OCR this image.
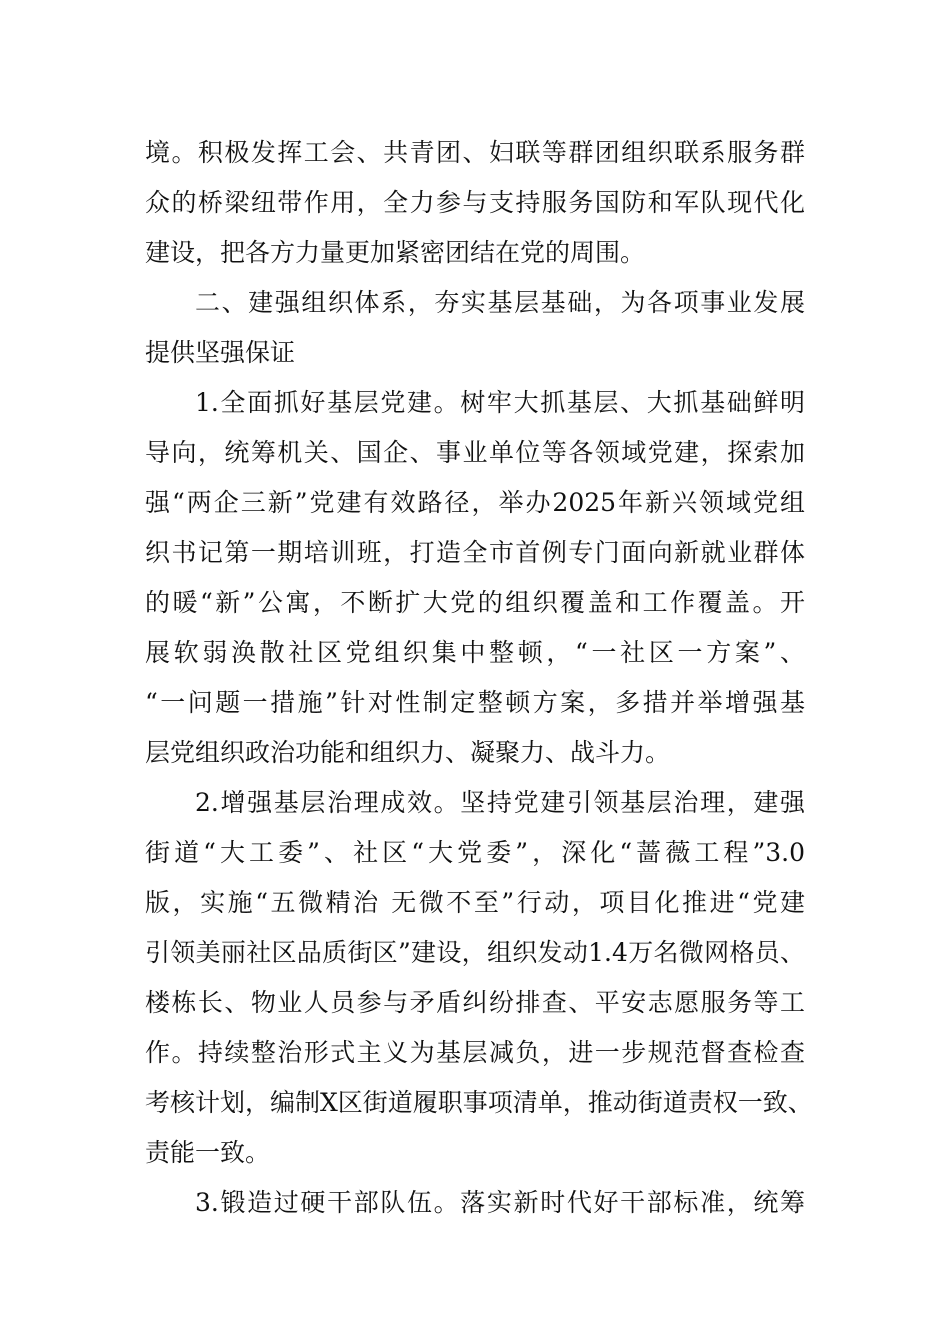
境。积极发挥工会、共青团、妇联等群团组织联系服务群
众的桥梁纽带作用，全力参与支持服务国防和军队现代化
建设，把各方力量更加紧密团结在党的周围。
二、建强组织体系，夯实基层基础，为各项事业发展
提供坚强保证
1.全面抓好基层党建。树牢大抓基层、大抓基础鲜明
导向，统筹机关、国企、事业单位等各领域党建，探索加
强“两企三新”党建有效路径，举办2025年新兴领域党组
织书记第一期培训班，打造全市首例专门面向新就业群体
的暖“新”公寓，不断扩大党的组织覆盖和工作覆盖。开
展软弱涣散社区党组织集中整顿，“一社区一方案”、
“一问题一措施”针对性制定整顿方案，多措并举增强基
层党组织政治功能和组织力、凝聚力、战斗力。
2.增强基层治理成效。坚持党建引领基层治理，建强
街道“大工委”、社区“大党委”，深化“蔷薇工程”3.0
版，实施“五微精治 无微不至”行动，项目化推进“党建
引领美丽社区品质街区”建设，组织发动1.4万名微网格员、
楼栋长、物业人员参与矛盾纠纷排查、平安志愿服务等工
作。持续整治形式主义为基层减负，进一步规范督查检查
考核计划，编制X区街道履职事项清单，推动街道责权一致、
责能一致。
3.锻造过硬干部队伍。落实新时代好干部标准，统筹
